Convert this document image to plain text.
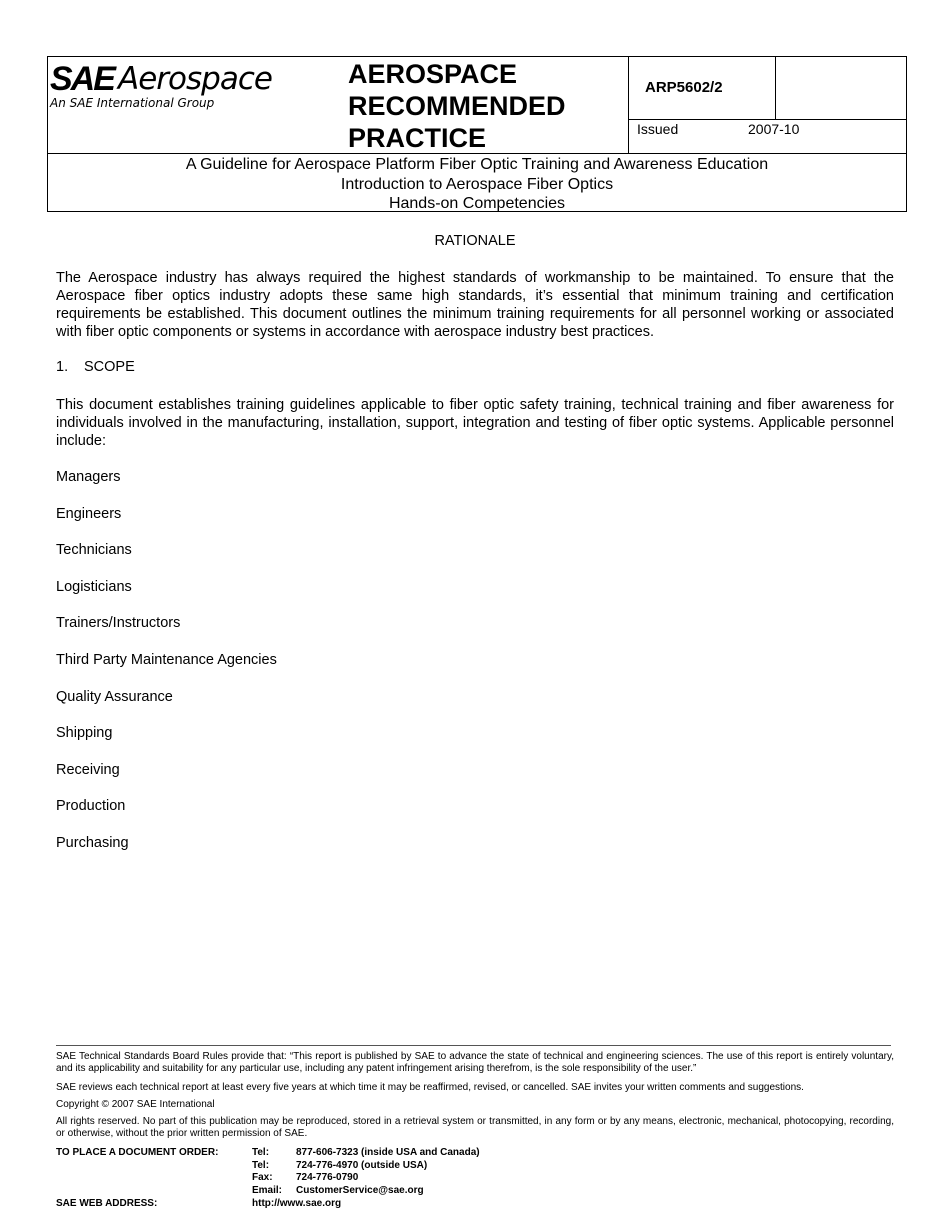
SAE Aerospace
An SAE International Group
AEROSPACE
RECOMMENDED
PRACTICE
ARP5602/2
Issued	2007-10
A Guideline for Aerospace Platform Fiber Optic Training and Awareness Education
Introduction to Aerospace Fiber Optics
Hands-on Competencies
RATIONALE
The Aerospace industry has always required the highest standards of workmanship to be maintained. To ensure that the Aerospace fiber optics industry adopts these same high standards, it’s essential that minimum training and certification requirements be established. This document outlines the minimum training requirements for all personnel working or associated with fiber optic components or systems in accordance with aerospace industry best practices.
1. SCOPE
This document establishes training guidelines applicable to fiber optic safety training, technical training and fiber awareness for individuals involved in the manufacturing, installation, support, integration and testing of fiber optic systems. Applicable personnel include:
Managers
Engineers
Technicians
Logisticians
Trainers/Instructors
Third Party Maintenance Agencies
Quality Assurance
Shipping
Receiving
Production
Purchasing
SAE Technical Standards Board Rules provide that: “This report is published by SAE to advance the state of technical and engineering sciences. The use of this report is entirely voluntary, and its applicability and suitability for any particular use, including any patent infringement arising therefrom, is the sole responsibility of the user.”
SAE reviews each technical report at least every five years at which time it may be reaffirmed, revised, or cancelled. SAE invites your written comments and suggestions.
Copyright © 2007 SAE International
All rights reserved. No part of this publication may be reproduced, stored in a retrieval system or transmitted, in any form or by any means, electronic, mechanical, photocopying, recording, or otherwise, without the prior written permission of SAE.
TO PLACE A DOCUMENT ORDER:	Tel:	877-606-7323 (inside USA and Canada)
Tel:	724-776-4970 (outside USA)
Fax: 724-776-0790
Email: CustomerService@sae.org
SAE WEB ADDRESS:	http://www.sae.org
